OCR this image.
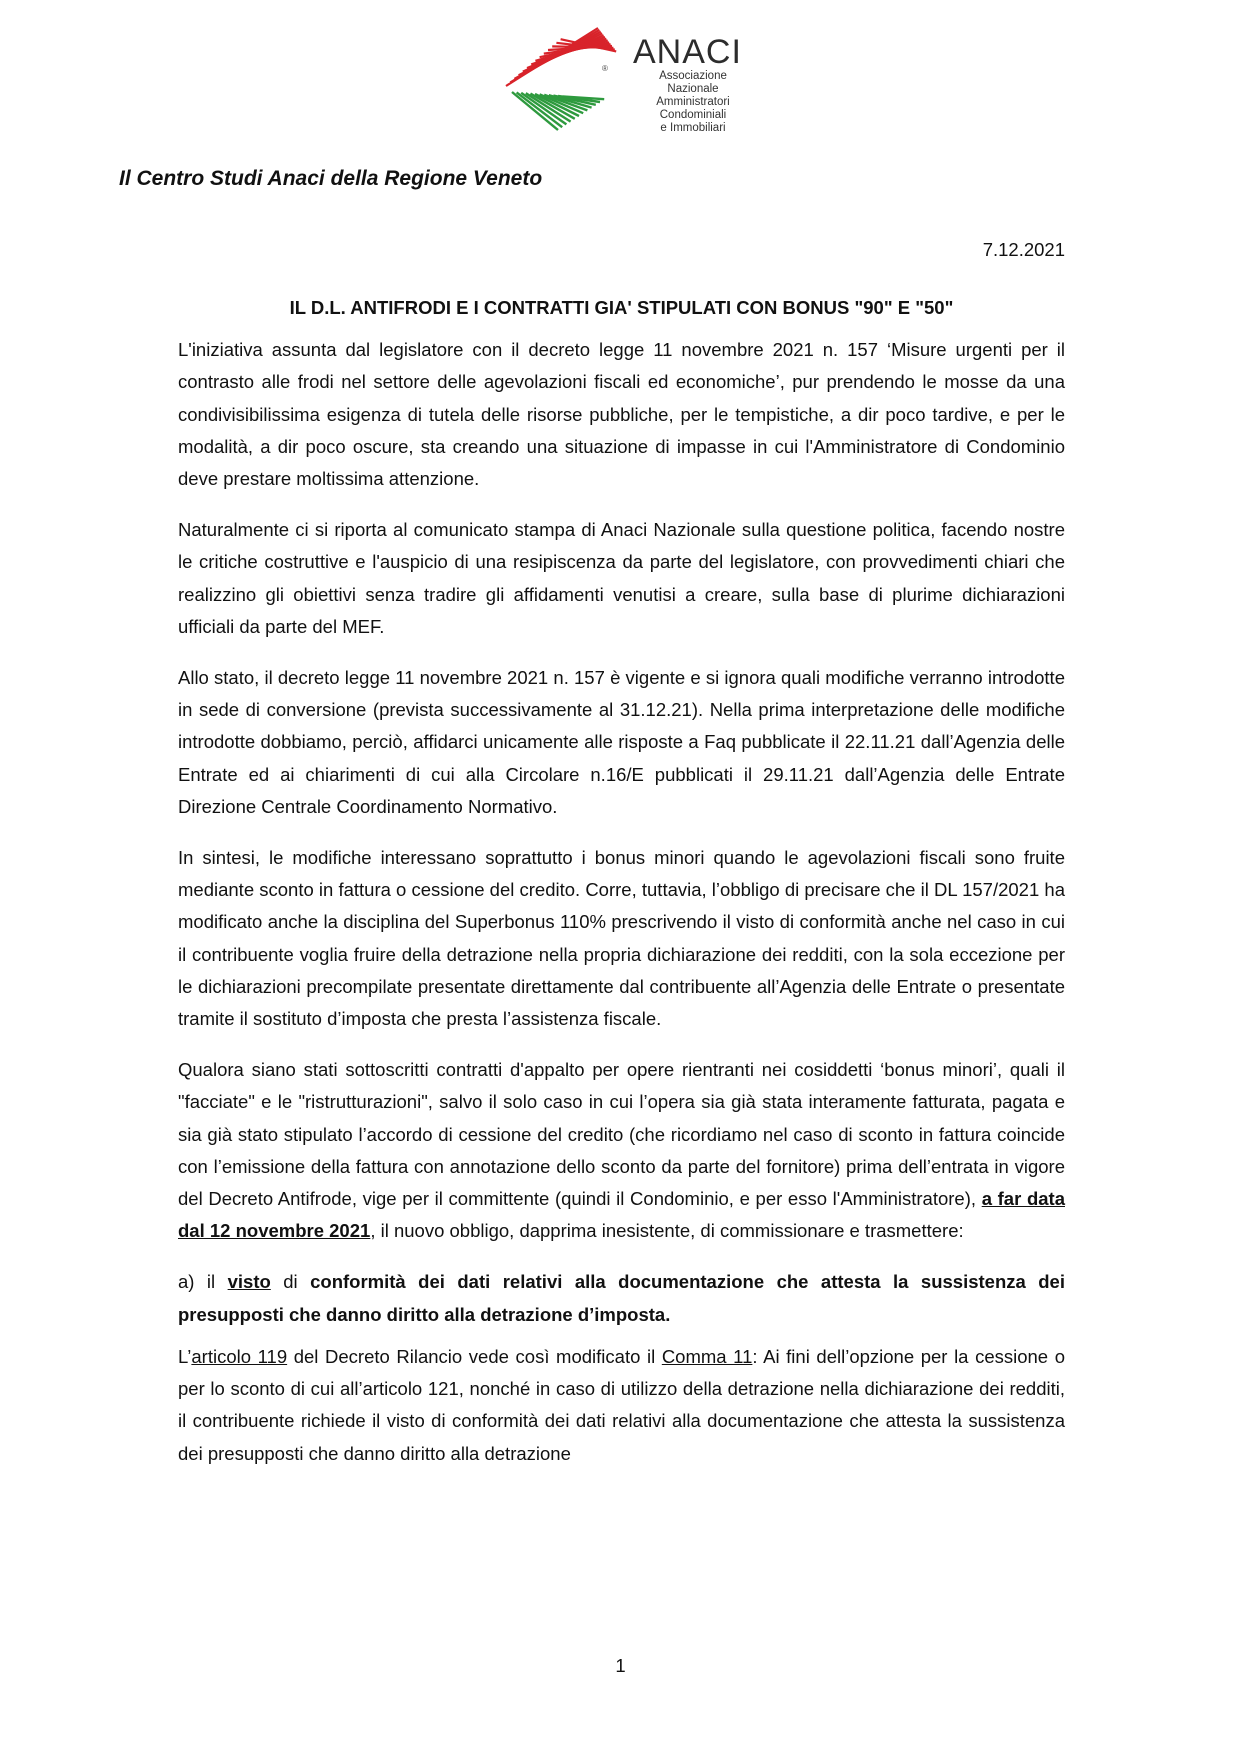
® ANACI
Associazione Nazionale
Amministratori Condominiali
e Immobiliari
Il Centro Studi Anaci della Regione Veneto
7.12.2021
IL D.L. ANTIFRODI E I CONTRATTI GIA' STIPULATI CON BONUS "90" E "50"

L'iniziativa assunta dal legislatore con il decreto legge 11 novembre 2021 n. 157 ‘Misure urgenti per il contrasto alle frodi nel settore delle agevolazioni fiscali ed economiche’, pur prendendo le mosse da una condivisibilissima esigenza di tutela delle risorse pubbliche, per le tempistiche, a dir poco tardive, e per le modalità, a dir poco oscure, sta creando una situazione di impasse in cui l'Amministratore di Condominio deve prestare moltissima attenzione.

Naturalmente ci si riporta al comunicato stampa di Anaci Nazionale sulla questione politica, facendo nostre le critiche costruttive e l'auspicio di una resipiscenza da parte del legislatore, con provvedimenti chiari che realizzino gli obiettivi senza tradire gli affidamenti venutisi a creare, sulla base di plurime dichiarazioni ufficiali da parte del MEF.

Allo stato, il decreto legge 11 novembre 2021 n. 157 è vigente e si ignora quali modifiche verranno introdotte in sede di conversione (prevista successivamente al 31.12.21). Nella prima interpretazione delle modifiche introdotte dobbiamo, perciò, affidarci unicamente alle risposte a Faq pubblicate il 22.11.21 dall’Agenzia delle Entrate ed ai chiarimenti di cui alla Circolare n.16/E pubblicati il 29.11.21 dall’Agenzia delle Entrate Direzione Centrale Coordinamento Normativo.

In sintesi, le modifiche interessano soprattutto i bonus minori quando le agevolazioni fiscali sono fruite mediante sconto in fattura o cessione del credito. Corre, tuttavia, l’obbligo di precisare che il DL 157/2021 ha modificato anche la disciplina del Superbonus 110% prescrivendo il visto di conformità anche nel caso in cui il contribuente voglia fruire della detrazione nella propria dichiarazione dei redditi, con la sola eccezione per le dichiarazioni precompilate presentate direttamente dal contribuente all’Agenzia delle Entrate o presentate tramite il sostituto d’imposta che presta l’assistenza fiscale.

Qualora siano stati sottoscritti contratti d'appalto per opere rientranti nei cosiddetti ‘bonus minori’, quali il "facciate" e le "ristrutturazioni", salvo il solo caso in cui l’opera sia già stata interamente fatturata, pagata e sia già stato stipulato l’accordo di cessione del credito (che ricordiamo nel caso di sconto in fattura coincide con l’emissione della fattura con annotazione dello sconto da parte del fornitore) prima dell’entrata in vigore del Decreto Antifrode, vige per il committente (quindi il Condominio, e per esso l'Amministratore), a far data dal 12 novembre 2021, il nuovo obbligo, dapprima inesistente, di commissionare e trasmettere:

a) il visto di conformità dei dati relativi alla documentazione che attesta la sussistenza dei presupposti che danno diritto alla detrazione d’imposta.

L’articolo 119 del Decreto Rilancio vede così modificato il Comma 11: Ai fini dell’opzione per la cessione o per lo sconto di cui all’articolo 121, nonché in caso di utilizzo della detrazione nella dichiarazione dei redditi, il contribuente richiede il visto di conformità dei dati relativi alla documentazione che attesta la sussistenza dei presupposti che danno diritto alla detrazione

1
